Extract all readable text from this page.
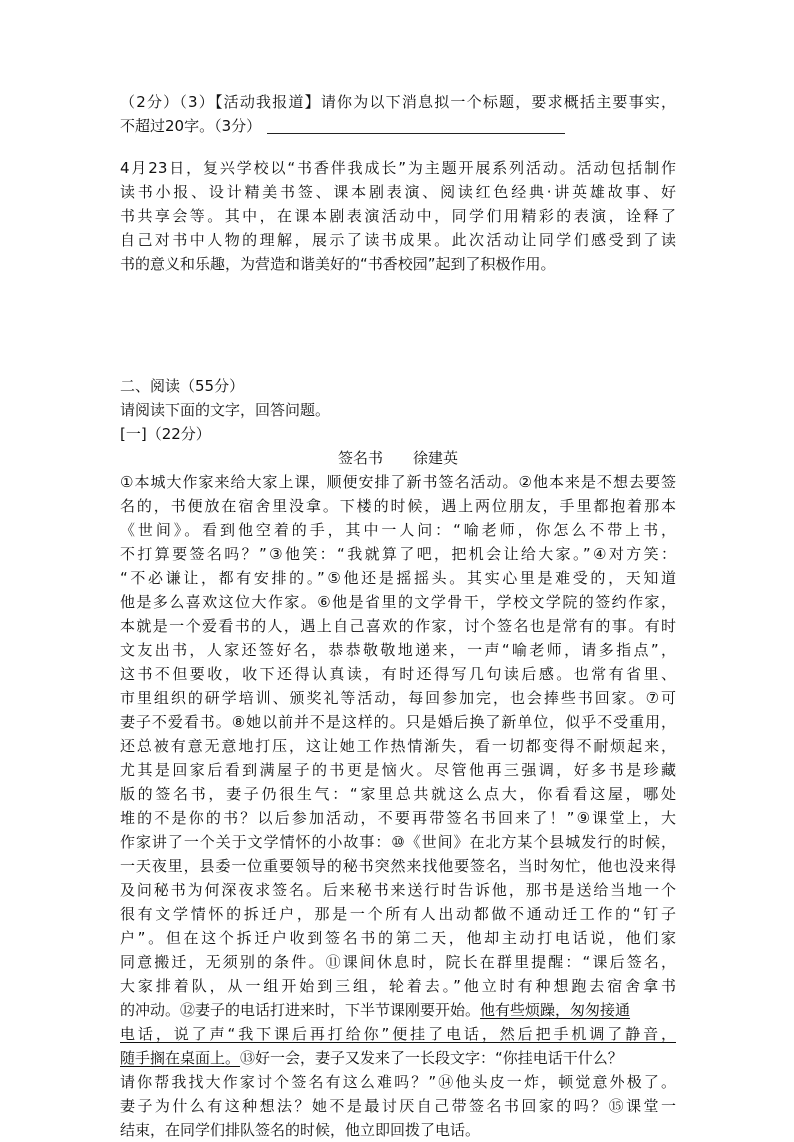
（2分）（3）【活动我报道】请你为以下消息拟一个标题，要求概括主要事实，
不超过20字。（3分）
4月23日，复兴学校以“书香伴我成长”为主题开展系列活动。活动包括制作
读书小报、设计精美书签、课本剧表演、阅读红色经典·讲英雄故事、好
书共享会等。其中，在课本剧表演活动中，同学们用精彩的表演，诠释了
自己对书中人物的理解，展示了读书成果。此次活动让同学们感受到了读
书的意义和乐趣，为营造和谐美好的“书香校园”起到了积极作用。
二、阅读（55分）
请阅读下面的文字，回答问题。
[一]（22分）
签名书　　徐建英
①本城大作家来给大家上课，顺便安排了新书签名活动。②他本来是不想去要签
名的，书便放在宿舍里没拿。下楼的时候，遇上两位朋友，手里都抱着那本
《世间》。看到他空着的手，其中一人问：“喻老师，你怎么不带上书，
不打算要签名吗？”③他笑：“我就算了吧，把机会让给大家。”④对方笑：
“不必谦让，都有安排的。”⑤他还是摇摇头。其实心里是难受的，天知道
他是多么喜欢这位大作家。⑥他是省里的文学骨干，学校文学院的签约作家，
本就是一个爱看书的人，遇上自己喜欢的作家，讨个签名也是常有的事。有时
文友出书，人家还签好名，恭恭敬敬地递来，一声“喻老师，请多指点”，
这书不但要收，收下还得认真读，有时还得写几句读后感。也常有省里、
市里组织的研学培训、颁奖礼等活动，每回参加完，也会捧些书回家。⑦可
妻子不爱看书。⑧她以前并不是这样的。只是婚后换了新单位，似乎不受重用，
还总被有意无意地打压，这让她工作热情渐失，看一切都变得不耐烦起来，
尤其是回家后看到满屋子的书更是恼火。尽管他再三强调，好多书是珍藏
版的签名书，妻子仍很生气：“家里总共就这么点大，你看看这屋，哪处
堆的不是你的书？以后参加活动，不要再带签名书回来了！”⑨课堂上，大
作家讲了一个关于文学情怀的小故事：⑩《世间》在北方某个县城发行的时候，
一天夜里，县委一位重要领导的秘书突然来找他要签名，当时匆忙，他也没来得
及问秘书为何深夜求签名。后来秘书来送行时告诉他，那书是送给当地一个
很有文学情怀的拆迁户，那是一个所有人出动都做不通动迁工作的“钉子
户”。但在这个拆迁户收到签名书的第二天，他却主动打电话说，他们家
同意搬迁，无须别的条件。⑪课间休息时，院长在群里提醒：“课后签名，
大家排着队，从一组开始到三组，轮着去。”他立时有种想跑去宿舍拿书
的冲动。⑫妻子的电话打进来时，下半节课刚要开始。他有些烦躁，匆匆接通
电话，说了声“我下课后再打给你”便挂了电话，然后把手机调了静音，
随手搁在桌面上。⑬好一会，妻子又发来了一长段文字：“你挂电话干什么？
请你帮我找大作家讨个签名有这么难吗？”⑭他头皮一炸，顿觉意外极了。
妻子为什么有这种想法？她不是最讨厌自己带签名书回家的吗？⑮课堂一
结束，在同学们排队签名的时候，他立即回拨了电话。
